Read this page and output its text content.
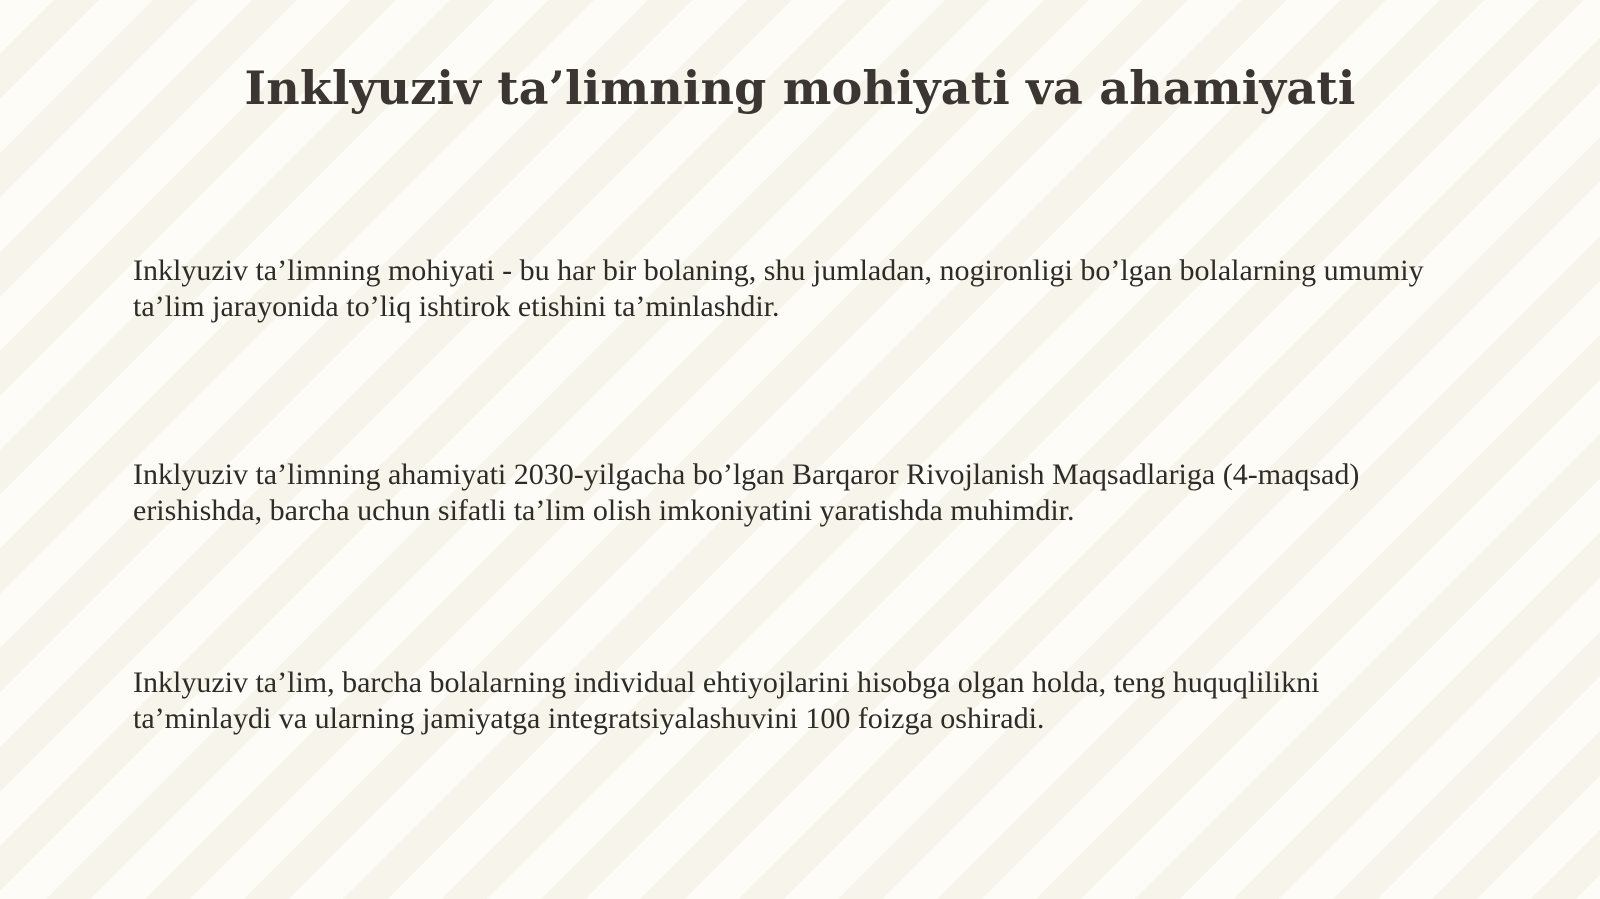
Inklyuziv ta’limning mohiyati va ahamiyati

Inklyuziv ta’limning mohiyati - bu har bir bolaning, shu jumladan, nogironligi bo’lgan bolalarning umumiy ta’lim jarayonida to’liq ishtirok etishini ta’minlashdir.

Inklyuziv ta’limning ahamiyati 2030-yilgacha bo’lgan Barqaror Rivojlanish Maqsadlariga (4-maqsad) erishishda, barcha uchun sifatli ta’lim olish imkoniyatini yaratishda muhimdir.

Inklyuziv ta’lim, barcha bolalarning individual ehtiyojlarini hisobga olgan holda, teng huquqlilikni ta’minlaydi va ularning jamiyatga integratsiyalashuvini 100 foizga oshiradi.
